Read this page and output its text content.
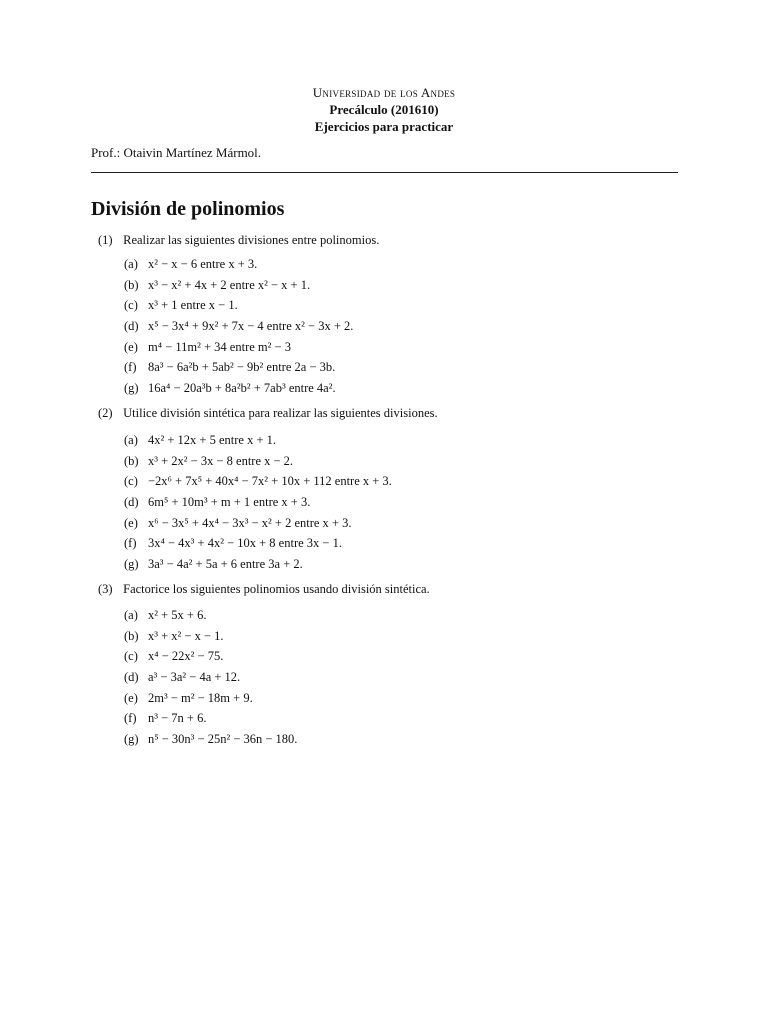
Universidad de los Andes
Precálculo (201610)
Ejercicios para practicar
Prof.: Otaivin Martínez Mármol.
División de polinomios
(1) Realizar las siguientes divisiones entre polinomios.
(a) x² − x − 6 entre x + 3.
(b) x³ − x² + 4x + 2 entre x² − x + 1.
(c) x³ + 1 entre x − 1.
(d) x⁵ − 3x⁴ + 9x² + 7x − 4 entre x² − 3x + 2.
(e) m⁴ − 11m² + 34 entre m² − 3
(f) 8a³ − 6a²b + 5ab² − 9b² entre 2a − 3b.
(g) 16a⁴ − 20a³b + 8a²b² + 7ab³ entre 4a².
(2) Utilice división sintética para realizar las siguientes divisiones.
(a) 4x² + 12x + 5 entre x + 1.
(b) x³ + 2x² − 3x − 8 entre x − 2.
(c) −2x⁶ + 7x⁵ + 40x⁴ − 7x² + 10x + 112 entre x + 3.
(d) 6m⁵ + 10m³ + m + 1 entre x + 3.
(e) x⁶ − 3x⁵ + 4x⁴ − 3x³ − x² + 2 entre x + 3.
(f) 3x⁴ − 4x³ + 4x² − 10x + 8 entre 3x − 1.
(g) 3a³ − 4a² + 5a + 6 entre 3a + 2.
(3) Factorice los siguientes polinomios usando división sintética.
(a) x² + 5x + 6.
(b) x³ + x² − x − 1.
(c) x⁴ − 22x² − 75.
(d) a³ − 3a² − 4a + 12.
(e) 2m³ − m² − 18m + 9.
(f) n³ − 7n + 6.
(g) n⁵ − 30n³ − 25n² − 36n − 180.
